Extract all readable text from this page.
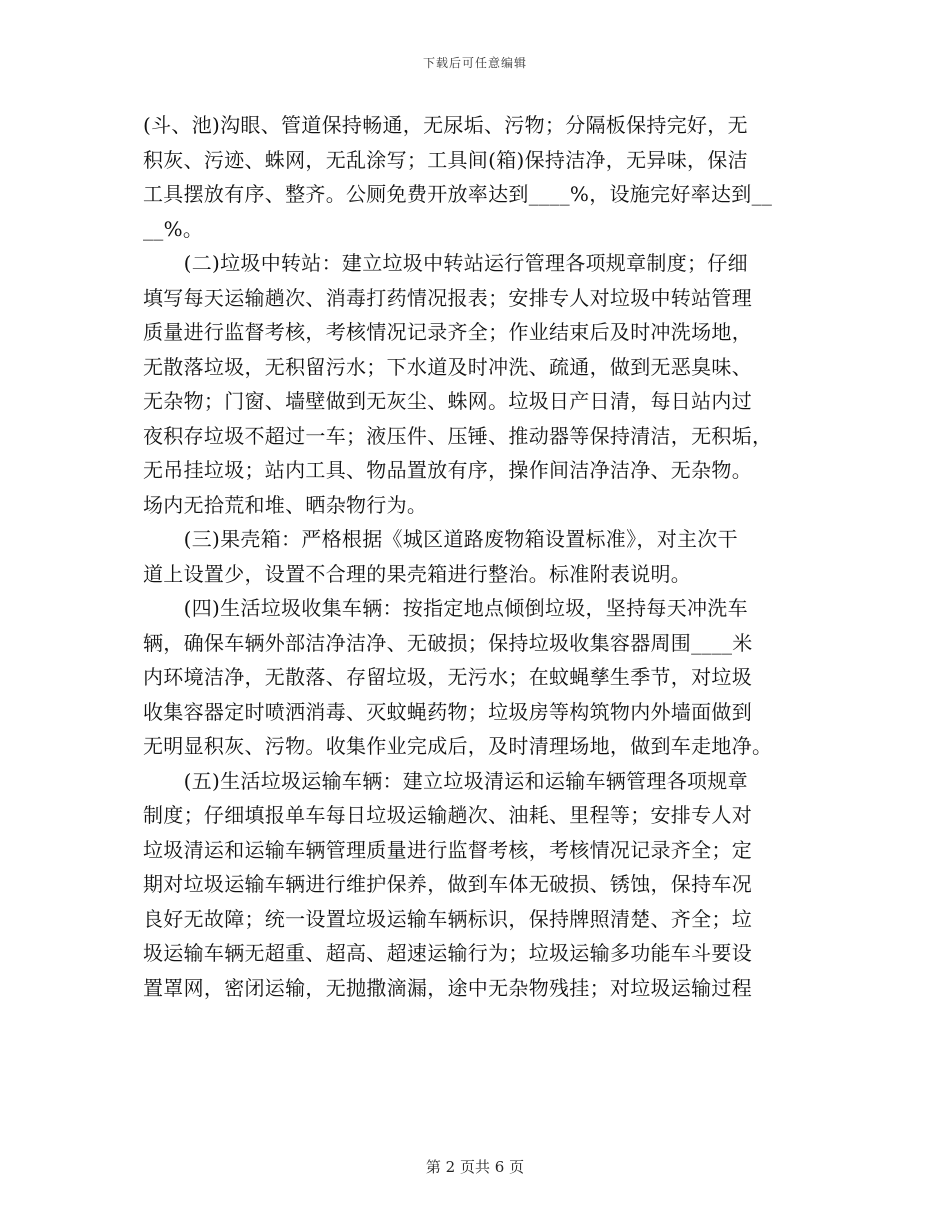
下载后可任意编辑
(斗、池)沟眼、管道保持畅通，无尿垢、污物；分隔板保持完好，无
积灰、污迹、蛛网，无乱涂写；工具间(箱)保持洁净，无异味，保洁
工具摆放有序、整齐。公厕免费开放率达到____%，设施完好率达到__
__%。
　　(二)垃圾中转站：建立垃圾中转站运行管理各项规章制度；仔细
填写每天运输趟次、消毒打药情况报表；安排专人对垃圾中转站管理
质量进行监督考核，考核情况记录齐全；作业结束后及时冲洗场地，
无散落垃圾，无积留污水；下水道及时冲洗、疏通，做到无恶臭味、
无杂物；门窗、墙壁做到无灰尘、蛛网。垃圾日产日清，每日站内过
夜积存垃圾不超过一车；液压件、压锤、推动器等保持清洁，无积垢，
无吊挂垃圾；站内工具、物品置放有序，操作间洁净洁净、无杂物。
场内无拾荒和堆、晒杂物行为。
　　(三)果壳箱：严格根据《城区道路废物箱设置标准》，对主次干
道上设置少，设置不合理的果壳箱进行整治。标准附表说明。
　　(四)生活垃圾收集车辆：按指定地点倾倒垃圾，坚持每天冲洗车
辆，确保车辆外部洁净洁净、无破损；保持垃圾收集容器周围____米
内环境洁净，无散落、存留垃圾，无污水；在蚊蝇孳生季节，对垃圾
收集容器定时喷洒消毒、灭蚊蝇药物；垃圾房等构筑物内外墙面做到
无明显积灰、污物。收集作业完成后，及时清理场地，做到车走地净。
　　(五)生活垃圾运输车辆：建立垃圾清运和运输车辆管理各项规章
制度；仔细填报单车每日垃圾运输趟次、油耗、里程等；安排专人对
垃圾清运和运输车辆管理质量进行监督考核，考核情况记录齐全；定
期对垃圾运输车辆进行维护保养，做到车体无破损、锈蚀，保持车况
良好无故障；统一设置垃圾运输车辆标识，保持牌照清楚、齐全；垃
圾运输车辆无超重、超高、超速运输行为；垃圾运输多功能车斗要设
置罩网，密闭运输，无抛撒滴漏，途中无杂物残挂；对垃圾运输过程
第 2 页共 6 页
